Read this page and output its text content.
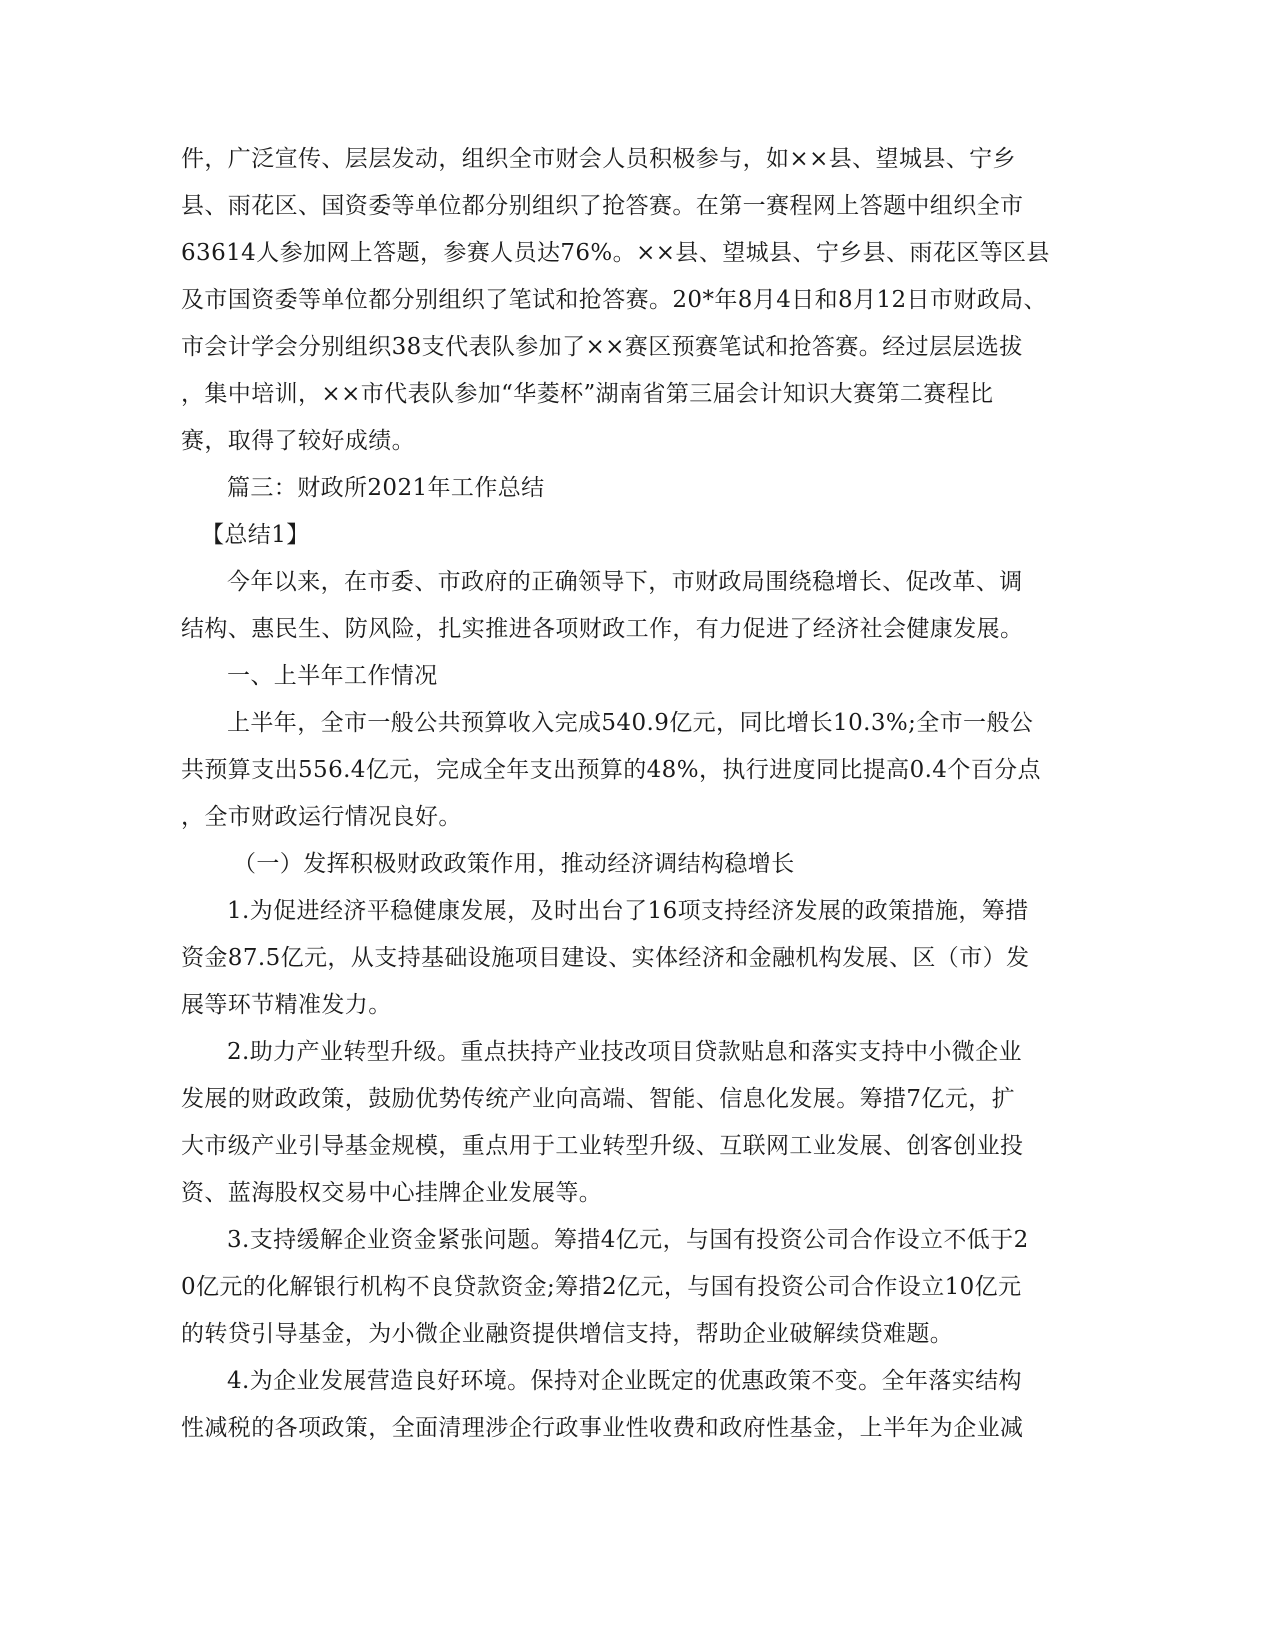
件，广泛宣传、层层发动，组织全市财会人员积极参与，如××县、望城县、宁乡
县、雨花区、国资委等单位都分别组织了抢答赛。在第一赛程网上答题中组织全市
63614人参加网上答题，参赛人员达76%。××县、望城县、宁乡县、雨花区等区县
及市国资委等单位都分别组织了笔试和抢答赛。20*年8月4日和8月12日市财政局、
市会计学会分别组织38支代表队参加了××赛区预赛笔试和抢答赛。经过层层选拔
，集中培训，××市代表队参加“华菱杯”湖南省第三届会计知识大赛第二赛程比
赛，取得了较好成绩。
篇三：财政所2021年工作总结
【总结1】
今年以来，在市委、市政府的正确领导下，市财政局围绕稳增长、促改革、调
结构、惠民生、防风险，扎实推进各项财政工作，有力促进了经济社会健康发展。
一、上半年工作情况
上半年，全市一般公共预算收入完成540.9亿元，同比增长10.3%;全市一般公
共预算支出556.4亿元，完成全年支出预算的48%，执行进度同比提高0.4个百分点
，全市财政运行情况良好。
（一）发挥积极财政政策作用，推动经济调结构稳增长
1.为促进经济平稳健康发展，及时出台了16项支持经济发展的政策措施，筹措
资金87.5亿元，从支持基础设施项目建设、实体经济和金融机构发展、区（市）发
展等环节精准发力。
2.助力产业转型升级。重点扶持产业技改项目贷款贴息和落实支持中小微企业
发展的财政政策，鼓励优势传统产业向高端、智能、信息化发展。筹措7亿元，扩
大市级产业引导基金规模，重点用于工业转型升级、互联网工业发展、创客创业投
资、蓝海股权交易中心挂牌企业发展等。
3.支持缓解企业资金紧张问题。筹措4亿元，与国有投资公司合作设立不低于2
0亿元的化解银行机构不良贷款资金;筹措2亿元，与国有投资公司合作设立10亿元
的转贷引导基金，为小微企业融资提供增信支持，帮助企业破解续贷难题。
4.为企业发展营造良好环境。保持对企业既定的优惠政策不变。全年落实结构
性减税的各项政策，全面清理涉企行政事业性收费和政府性基金，上半年为企业减
